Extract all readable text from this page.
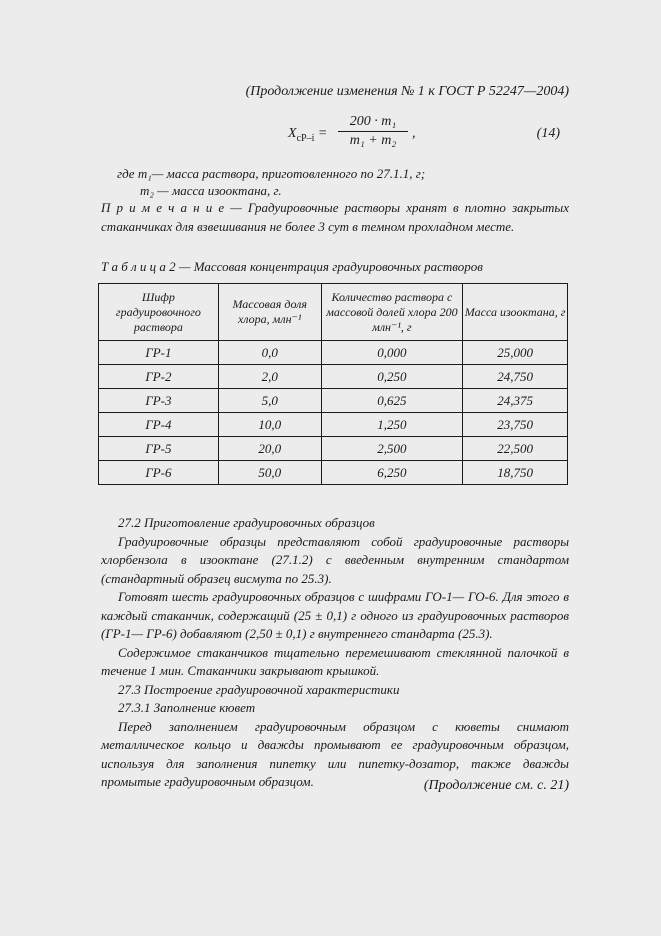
(Продолжение изменения № 1 к ГОСТ Р 52247—2004)
$X_{сР-i} = \frac{\text{200 · m₁}}{\text{m₁ + m₂}}$ ,	(14)
где m₁— масса раствора, приготовленного по 27.1.1, г;
m₂ — масса изооктана, г.
П р и м е ч а н и е — Градуировочные растворы хранят в плотно закрытых стаканчиках для взвешивания не более 3 сут в темном прохладном месте.
Т а б л и ц а 2 — Массовая концентрация градуировочных растворов
Шифр градуировочного раствора	Массовая доля хлора, млн⁻¹	Количество раствора с массовой долей хлора 200 млн⁻¹, г	Масса изооктана, г
ГР-1	0,0	0,000	25,000
ГР-2	2,0	0,250	24,750
ГР-3	5,0	0,625	24,375
ГР-4	10,0	1,250	23,750
ГР-5	20,0	2,500	22,500
ГР-6	50,0	6,250	18,750
27.2 Приготовление градуировочных образцов
Градуировочные образцы представляют собой градуировочные растворы хлорбензола в изооктане (27.1.2) с введенным внутренним стандартом (стандартный образец висмута по 25.3).
Готовят шесть градуировочных образцов с шифрами ГО-1— ГО-6. Для этого в каждый стаканчик, содержащий (25 ± 0,1) г одного из градуировочных растворов (ГР-1— ГР-6) добавляют (2,50 ± 0,1) г внутреннего стандарта (25.3).
Содержимое стаканчиков тщательно перемешивают стеклянной палочкой в течение 1 мин. Стаканчики закрывают крышкой.
27.3 Построение градуировочной характеристики
27.3.1 Заполнение кювет
Перед заполнением градуировочным образцом с кюветы снимают металлическое кольцо и дважды промывают ее градуировочным образцом, используя для заполнения пипетку или пипетку-дозатор, также дважды промытые градуировочным образцом.	(Продолжение см. с. 21)
